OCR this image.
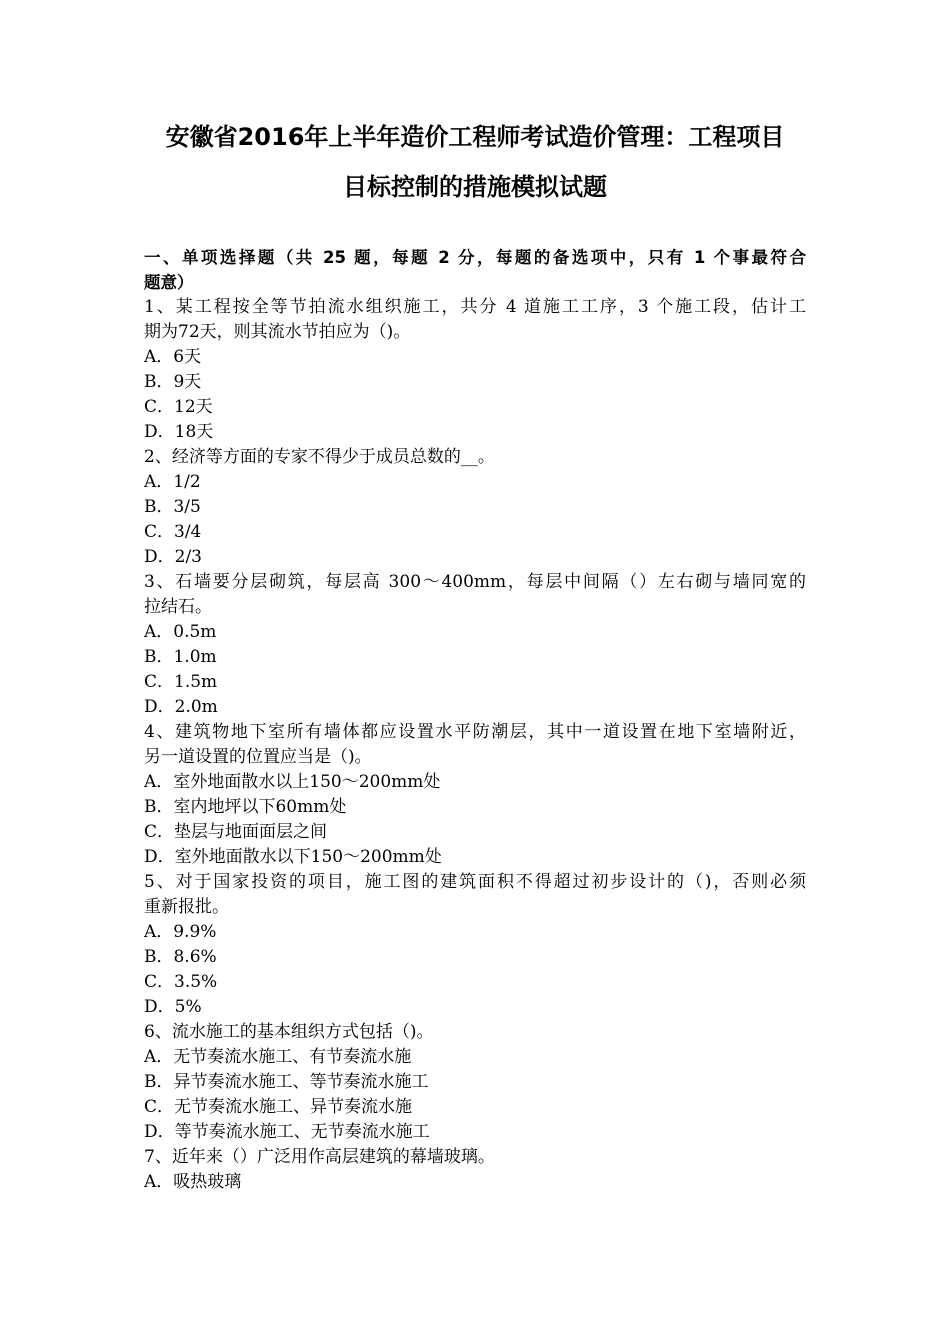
安徽省2016年上半年造价工程师考试造价管理：工程项目
目标控制的措施模拟试题
一、单项选择题（共 25 题，每题 2 分，每题的备选项中，只有 1 个事最符合
题意）
1、某工程按全等节拍流水组织施工，共分 4 道施工工序，3 个施工段，估计工
期为72天，则其流水节拍应为（)。
A．6天
B．9天
C．12天
D．18天
2、经济等方面的专家不得少于成员总数的__。
A．1/2
B．3/5
C．3/4
D．2/3
3、石墙要分层砌筑，每层高 300～400mm，每层中间隔（）左右砌与墙同宽的
拉结石。
A．0.5m
B．1.0m
C．1.5m
D．2.0m
4、建筑物地下室所有墙体都应设置水平防潮层，其中一道设置在地下室墙附近，
另一道设置的位置应当是（)。
A．室外地面散水以上150～200mm处
B．室内地坪以下60mm处
C．垫层与地面面层之间
D．室外地面散水以下150～200mm处
5、对于国家投资的项目，施工图的建筑面积不得超过初步设计的（)，否则必须
重新报批。
A．9.9%
B．8.6%
C．3.5%
D．5%
6、流水施工的基本组织方式包括（)。
A．无节奏流水施工、有节奏流水施
B．异节奏流水施工、等节奏流水施工
C．无节奏流水施工、异节奏流水施
D．等节奏流水施工、无节奏流水施工
7、近年来（）广泛用作高层建筑的幕墙玻璃。
A．吸热玻璃
